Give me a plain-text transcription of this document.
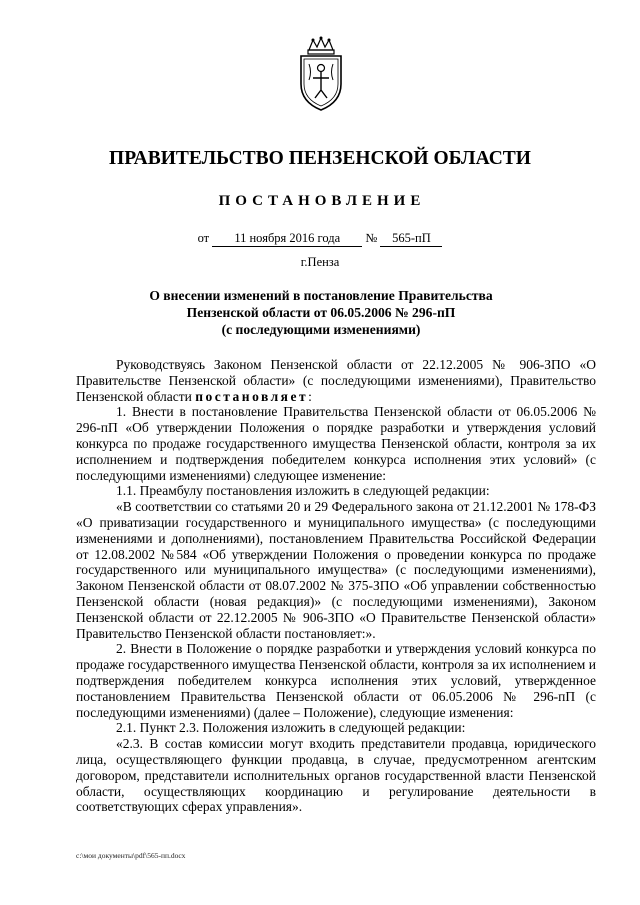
ПРАВИТЕЛЬСТВО ПЕНЗЕНСКОЙ ОБЛАСТИ
ПОСТАНОВЛЕНИЕ
от 11 ноября 2016 года № 565-пП
г.Пенза
О внесении изменений в постановление Правительства
Пензенской области от 06.05.2006 № 296-пП
(с последующими изменениями)

Руководствуясь Законом Пензенской области от 22.12.2005 № 906-ЗПО «О Правительстве Пензенской области» (с последующими изменениями), Правительство Пензенской области постановляет:

1. Внести в постановление Правительства Пензенской области от 06.05.2006 № 296-пП «Об утверждении Положения о порядке разработки и утверждения условий конкурса по продаже государственного имущества Пензенской области, контроля за их исполнением и подтверждения победителем конкурса исполнения этих условий» (с последующими изменениями) следующее изменение:

1.1. Преамбулу постановления изложить в следующей редакции:

«В соответствии со статьями 20 и 29 Федерального закона от 21.12.2001 № 178-ФЗ «О приватизации государственного и муниципального имущества» (с последующими изменениями и дополнениями), постановлением Правительства Российской Федерации от 12.08.2002 №584 «Об утверждении Положения о проведении конкурса по продаже государственного или муниципального имущества» (с последующими изменениями), Законом Пензенской области от 08.07.2002 № 375-ЗПО «Об управлении собственностью Пензенской области (новая редакция)» (с последующими изменениями), Законом Пензенской области от 22.12.2005 № 906-ЗПО «О Правительстве Пензенской области» Правительство Пензенской области постановляет:».

2. Внести в Положение о порядке разработки и утверждения условий конкурса по продаже государственного имущества Пензенской области, контроля за их исполнением и подтверждения победителем конкурса исполнения этих условий, утвержденное постановлением Правительства Пензенской области от 06.05.2006 № 296-пП (с последующими изменениями) (далее – Положение), следующие изменения:

2.1. Пункт 2.3. Положения изложить в следующей редакции:

«2.3. В состав комиссии могут входить представители продавца, юридического лица, осуществляющего функции продавца, в случае, предусмотренном агентским договором, представители исполнительных органов государственной власти Пензенской области, осуществляющих координацию и регулирование деятельности в соответствующих сферах управления».

c:\мои документы\pdf\565-пп.docx
